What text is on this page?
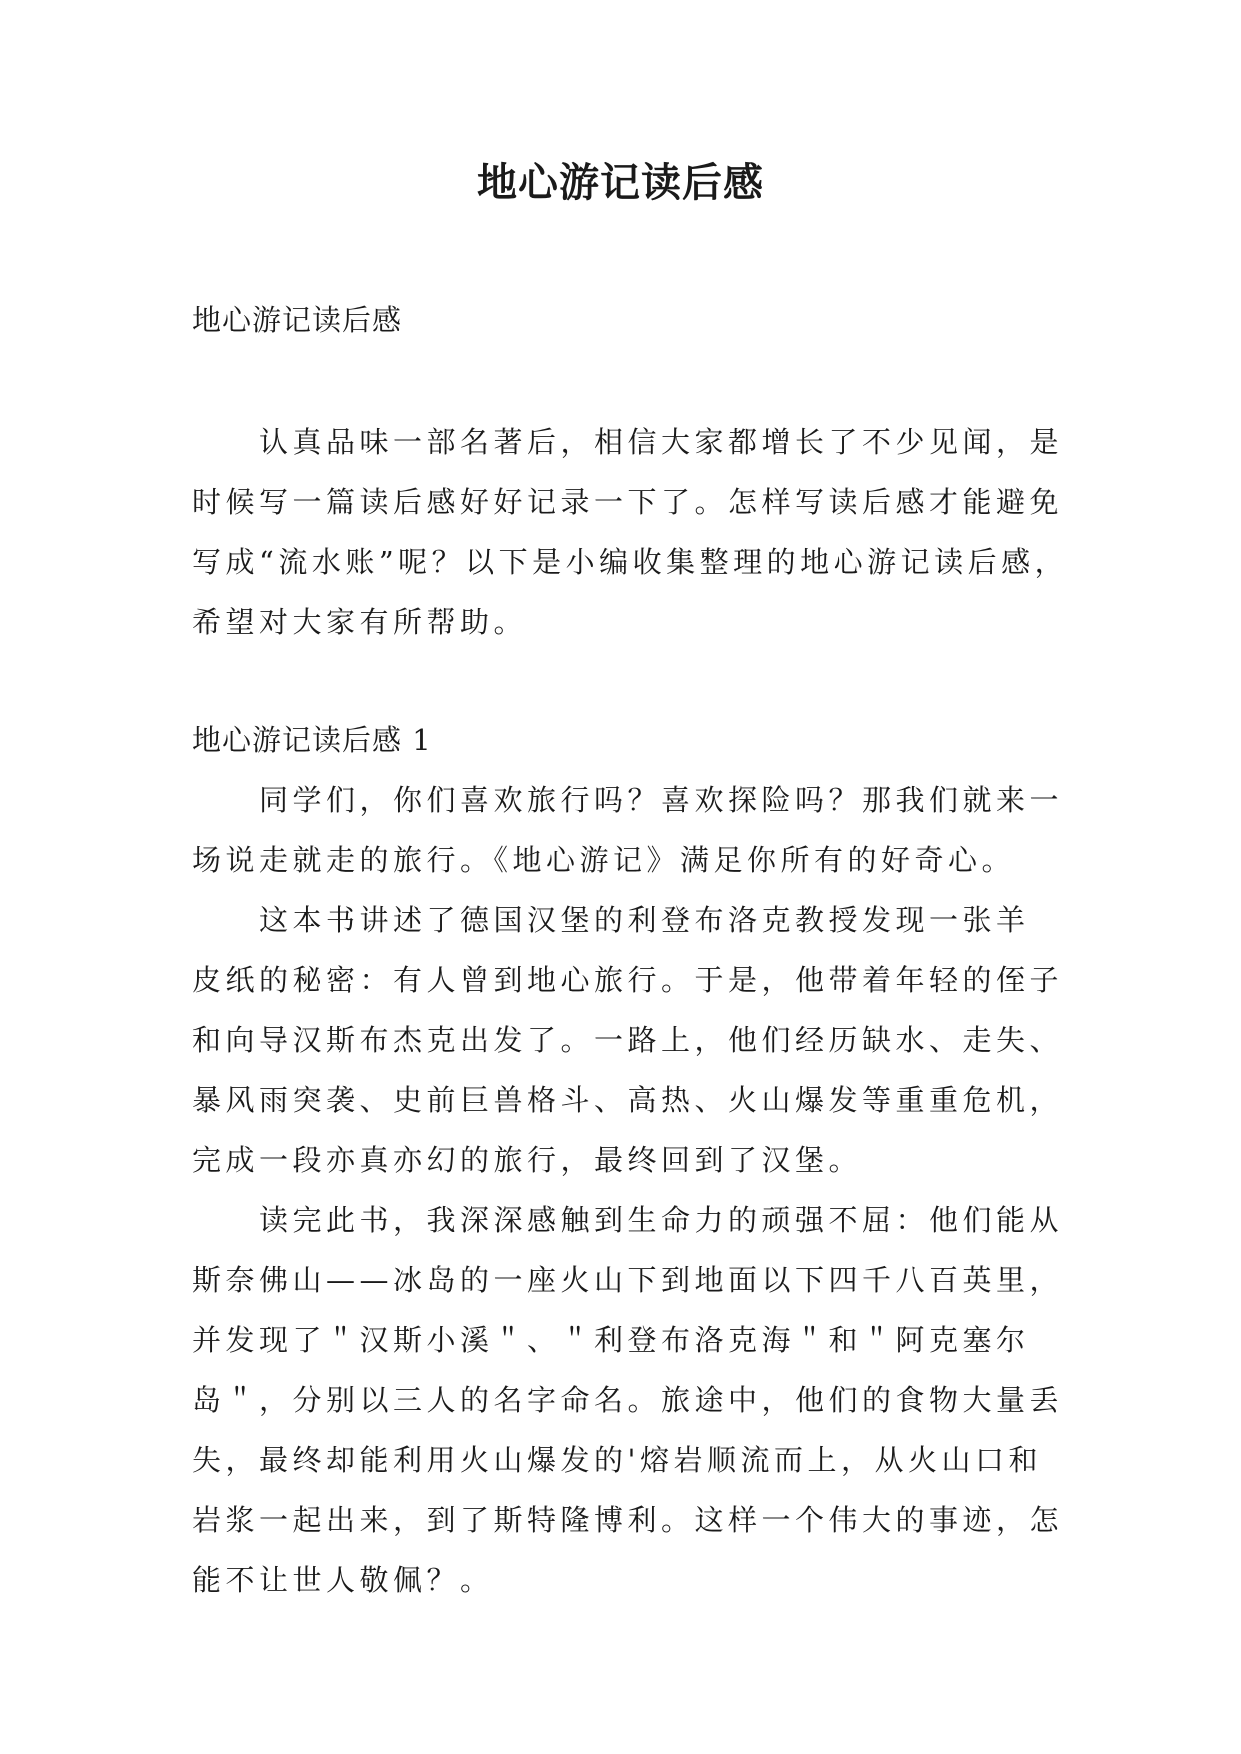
地心游记读后感

地心游记读后感

　　认真品味一部名著后，相信大家都增长了不少见闻，是

时候写一篇读后感好好记录一下了。怎样写读后感才能避免

写成“流水账”呢？以下是小编收集整理的地心游记读后感，

希望对大家有所帮助。

地心游记读后感 1

　　同学们，你们喜欢旅行吗？喜欢探险吗？那我们就来一

场说走就走的旅行。《地心游记》满足你所有的好奇心。

　　这本书讲述了德国汉堡的利登布洛克教授发现一张羊

皮纸的秘密：有人曾到地心旅行。于是，他带着年轻的侄子

和向导汉斯布杰克出发了。一路上，他们经历缺水、走失、

暴风雨突袭、史前巨兽格斗、高热、火山爆发等重重危机，

完成一段亦真亦幻的旅行，最终回到了汉堡。

　　读完此书，我深深感触到生命力的顽强不屈：他们能从

斯奈佛山——冰岛的一座火山下到地面以下四千八百英里，

并发现了＂汉斯小溪＂、＂利登布洛克海＂和＂阿克塞尔

岛＂，分别以三人的名字命名。旅途中，他们的食物大量丢

失，最终却能利用火山爆发的'熔岩顺流而上，从火山口和

岩浆一起出来，到了斯特隆博利。这样一个伟大的事迹，怎

能不让世人敬佩？。
